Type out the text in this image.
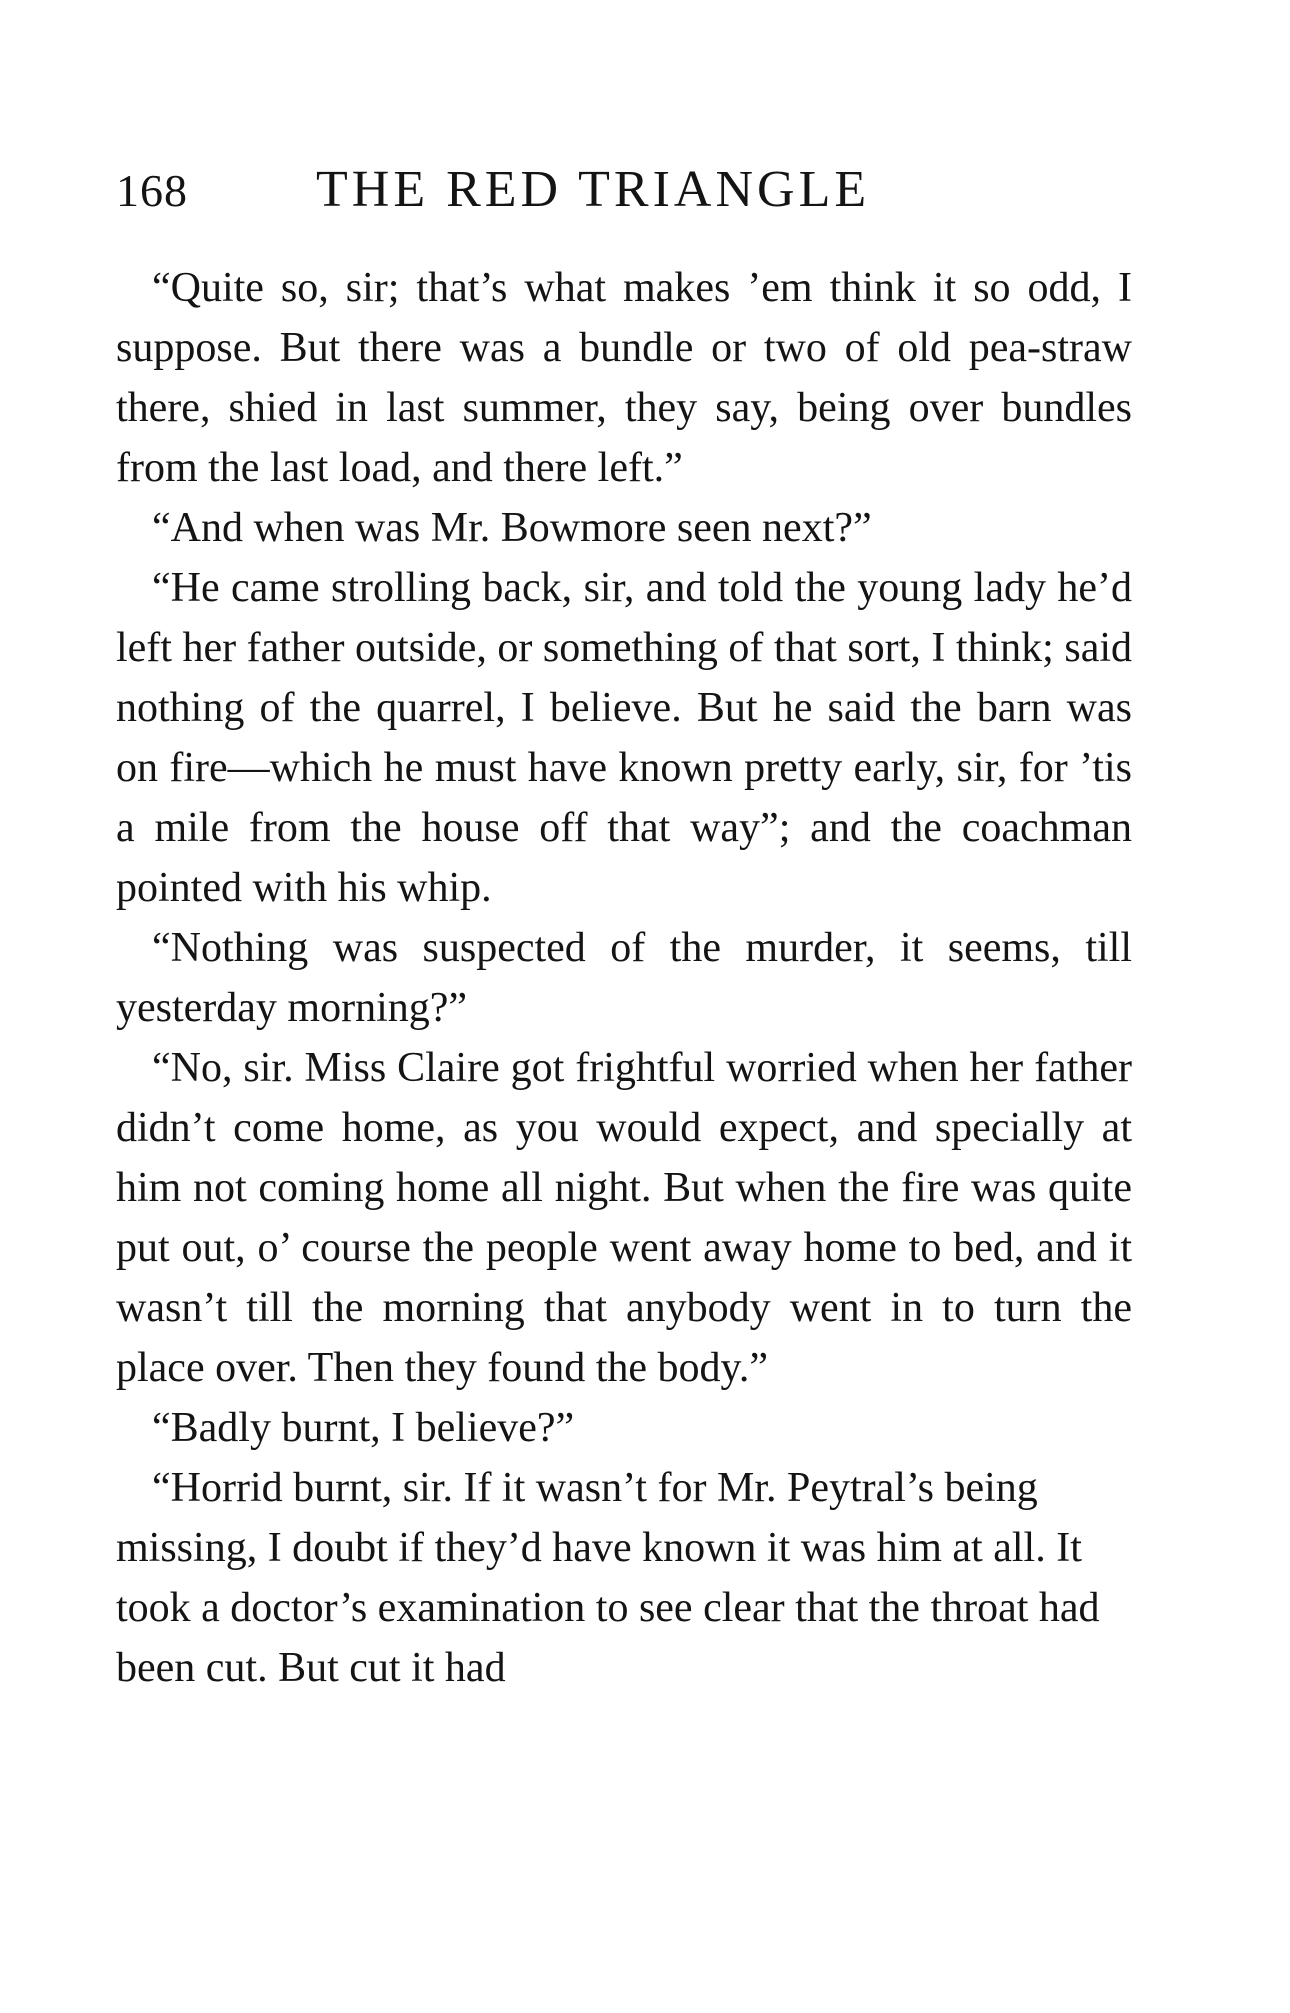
168 THE RED TRIANGLE

“Quite so, sir; that’s what makes ’em think it so odd, I suppose. But there was a bundle or two of old pea-straw there, shied in last summer, they say, being over bundles from the last load, and there left.”

“And when was Mr. Bowmore seen next?”

“He came strolling back, sir, and told the young lady he’d left her father outside, or something of that sort, I think; said nothing of the quarrel, I believe. But he said the barn was on fire—which he must have known pretty early, sir, for ’tis a mile from the house off that way”; and the coachman pointed with his whip.

“Nothing was suspected of the murder, it seems, till yesterday morning?”

“No, sir. Miss Claire got frightful worried when her father didn’t come home, as you would expect, and specially at him not coming home all night. But when the fire was quite put out, o’ course the people went away home to bed, and it wasn’t till the morning that anybody went in to turn the place over. Then they found the body.”

“Badly burnt, I believe?”

“Horrid burnt, sir. If it wasn’t for Mr. Peytral’s being missing, I doubt if they’d have known it was him at all. It took a doctor’s examination to see clear that the throat had been cut. But cut it had
